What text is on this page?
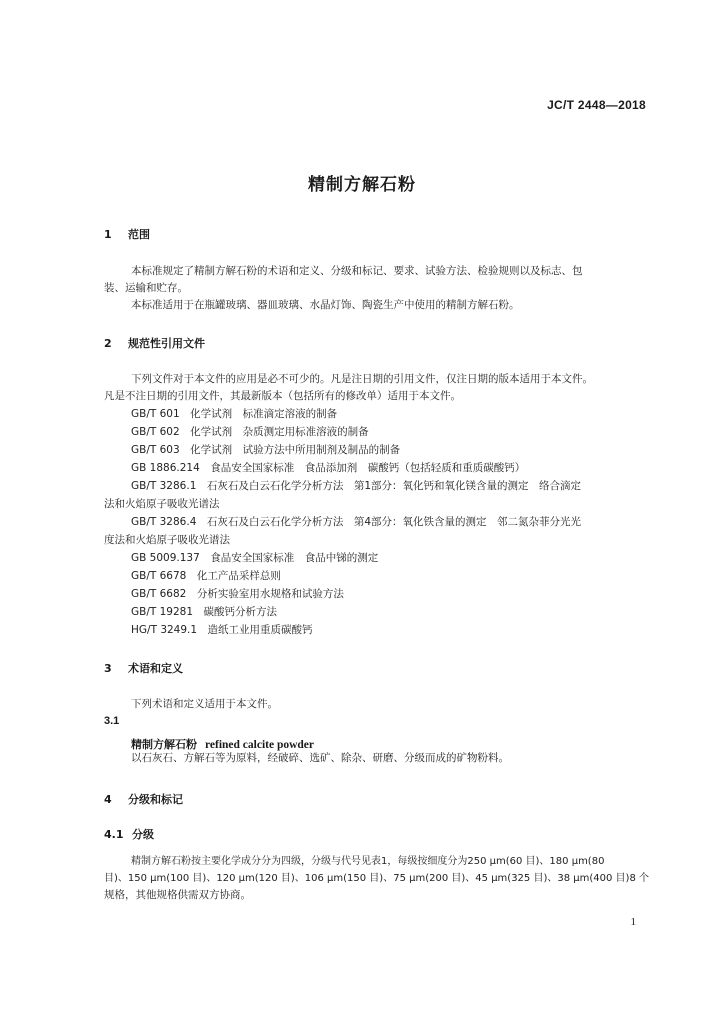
JC/T 2448—2018
精制方解石粉
1 范围
本标准规定了精制方解石粉的术语和定义、分级和标记、要求、试验方法、检验规则以及标志、包
装、运输和贮存。
本标准适用于在瓶罐玻璃、器皿玻璃、水晶灯饰、陶瓷生产中使用的精制方解石粉。
2 规范性引用文件
下列文件对于本文件的应用是必不可少的。凡是注日期的引用文件，仅注日期的版本适用于本文件。
凡是不注日期的引用文件，其最新版本（包括所有的修改单）适用于本文件。
GB/T 601　化学试剂　标准滴定溶液的制备
GB/T 602　化学试剂　杂质测定用标准溶液的制备
GB/T 603　化学试剂　试验方法中所用制剂及制品的制备
GB 1886.214　食品安全国家标准　食品添加剂　碳酸钙（包括轻质和重质碳酸钙）
GB/T 3286.1　石灰石及白云石化学分析方法　第1部分：氧化钙和氧化镁含量的测定　络合滴定
法和火焰原子吸收光谱法
GB/T 3286.4　石灰石及白云石化学分析方法　第4部分：氧化铁含量的测定　邻二氮杂菲分光光
度法和火焰原子吸收光谱法
GB 5009.137　食品安全国家标准　食品中锑的测定
GB/T 6678　化工产品采样总则
GB/T 6682　分析实验室用水规格和试验方法
GB/T 19281　碳酸钙分析方法
HG/T 3249.1　造纸工业用重质碳酸钙
3 术语和定义
下列术语和定义适用于本文件。
3.1
精制方解石粉 refined calcite powder
以石灰石、方解石等为原料，经破碎、选矿、除杂、研磨、分级而成的矿物粉料。
4 分级和标记
4.1 分级
精制方解石粉按主要化学成分分为四级，分级与代号见表1，每级按细度分为250 μm(60 目)、180 μm(80
目)、150 μm(100 目)、120 μm(120 目)、106 μm(150 目)、75 μm(200 目)、45 μm(325 目)、38 μm(400 目)8 个
规格，其他规格供需双方协商。
1
